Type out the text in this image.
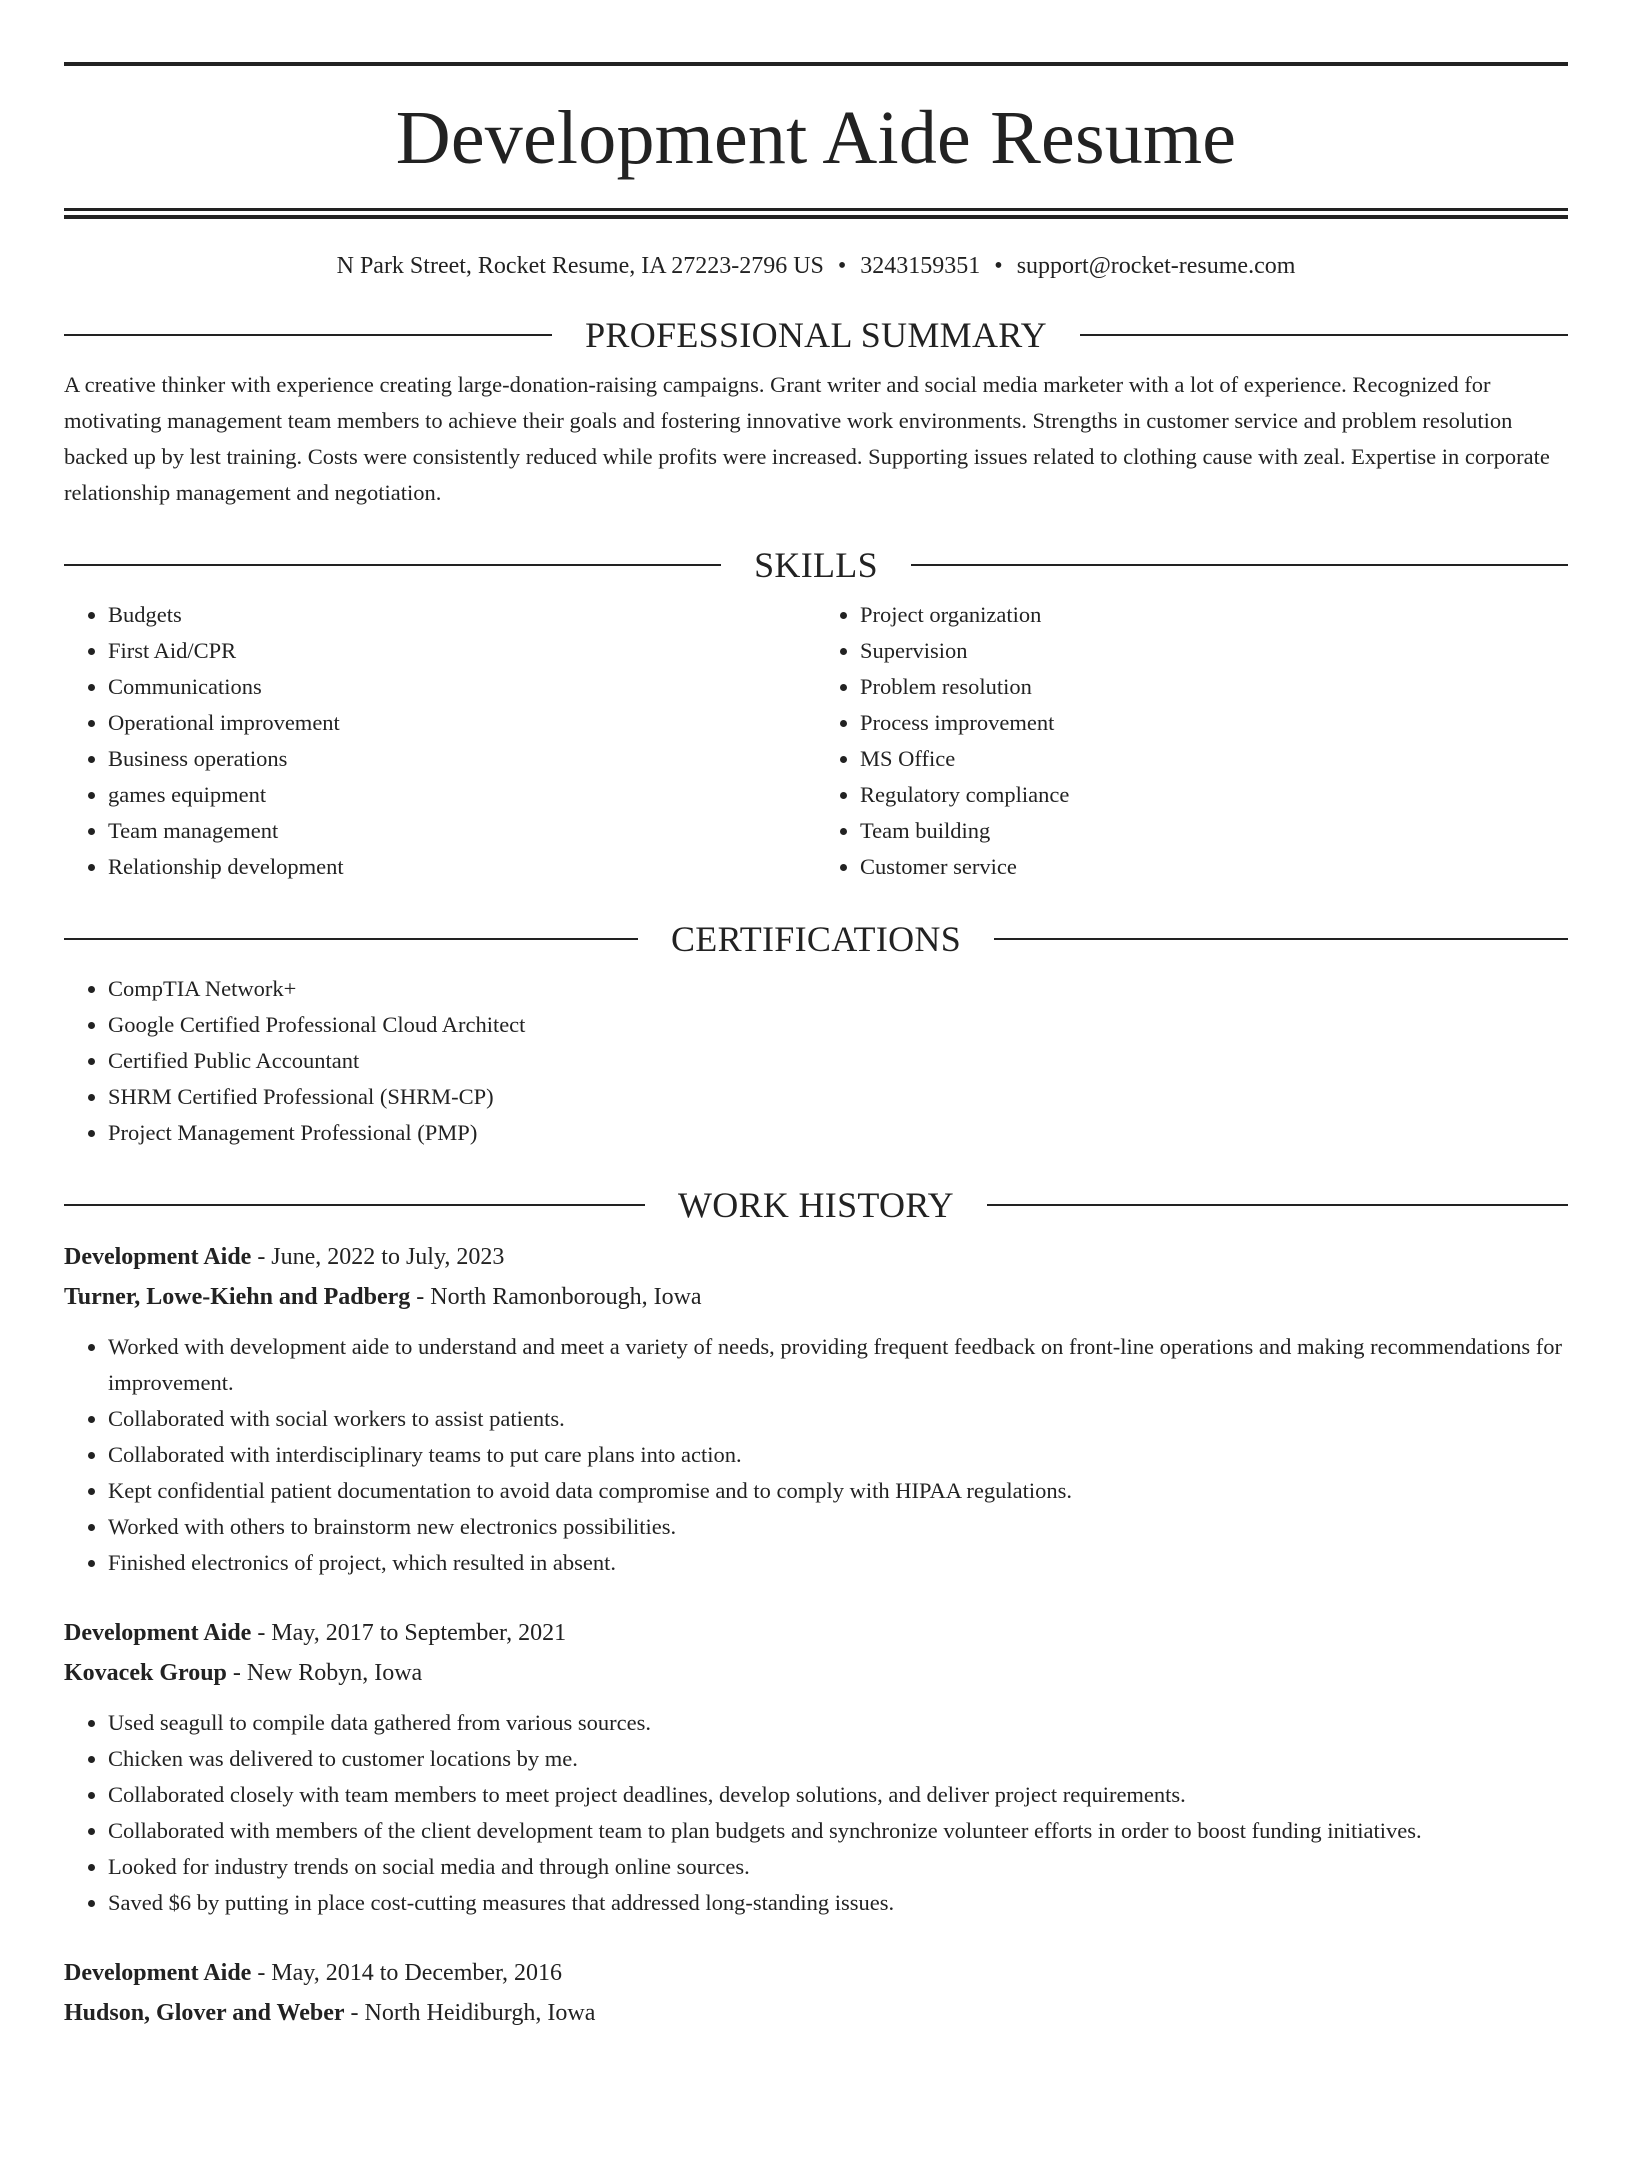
Development Aide Resume
N Park Street, Rocket Resume, IA 27223-2796 US • 3243159351 • support@rocket-resume.com
PROFESSIONAL SUMMARY
A creative thinker with experience creating large-donation-raising campaigns. Grant writer and social media marketer with a lot of experience. Recognized for motivating management team members to achieve their goals and fostering innovative work environments. Strengths in customer service and problem resolution backed up by lest training. Costs were consistently reduced while profits were increased. Supporting issues related to clothing cause with zeal. Expertise in corporate relationship management and negotiation.
SKILLS
• Budgets
• First Aid/CPR
• Communications
• Operational improvement
• Business operations
• games equipment
• Team management
• Relationship development
• Project organization
• Supervision
• Problem resolution
• Process improvement
• MS Office
• Regulatory compliance
• Team building
• Customer service
CERTIFICATIONS
• CompTIA Network+
• Google Certified Professional Cloud Architect
• Certified Public Accountant
• SHRM Certified Professional (SHRM-CP)
• Project Management Professional (PMP)
WORK HISTORY
Development Aide - June, 2022 to July, 2023
Turner, Lowe-Kiehn and Padberg - North Ramonborough, Iowa
• Worked with development aide to understand and meet a variety of needs, providing frequent feedback on front-line operations and making recommendations for improvement.
• Collaborated with social workers to assist patients.
• Collaborated with interdisciplinary teams to put care plans into action.
• Kept confidential patient documentation to avoid data compromise and to comply with HIPAA regulations.
• Worked with others to brainstorm new electronics possibilities.
• Finished electronics of project, which resulted in absent.
Development Aide - May, 2017 to September, 2021
Kovacek Group - New Robyn, Iowa
• Used seagull to compile data gathered from various sources.
• Chicken was delivered to customer locations by me.
• Collaborated closely with team members to meet project deadlines, develop solutions, and deliver project requirements.
• Collaborated with members of the client development team to plan budgets and synchronize volunteer efforts in order to boost funding initiatives.
• Looked for industry trends on social media and through online sources.
• Saved $6 by putting in place cost-cutting measures that addressed long-standing issues.
Development Aide - May, 2014 to December, 2016
Hudson, Glover and Weber - North Heidiburgh, Iowa
